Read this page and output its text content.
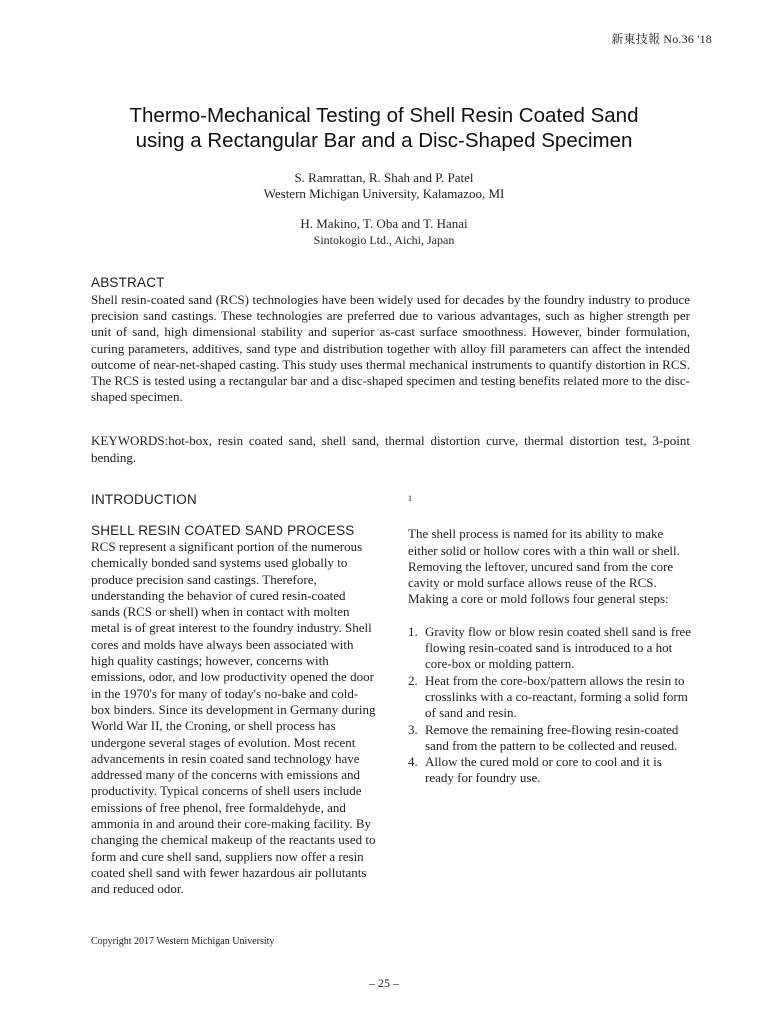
新東技報 No.36 '18
Thermo-Mechanical Testing of Shell Resin Coated Sand
using a Rectangular Bar and a Disc-Shaped Specimen
S. Ramrattan, R. Shah and P. Patel
Western Michigan University, Kalamazoo, MI
H. Makino, T. Oba and T. Hanai
Sintokogio Ltd., Aichi, Japan
ABSTRACT
Shell resin-coated sand (RCS) technologies have been widely used for decades by the foundry industry to produce precision sand castings. These technologies are preferred due to various advantages, such as higher strength per unit of sand, high dimensional stability and superior as-cast surface smoothness. However, binder formulation, curing parameters, additives, sand type and distribution together with alloy fill parameters can affect the intended outcome of near-net-shaped casting. This study uses thermal mechanical instruments to quantify distortion in RCS. The RCS is tested using a rectangular bar and a disc-shaped specimen and testing benefits related more to the disc-shaped specimen.
KEYWORDS:hot-box, resin coated sand, shell sand, thermal distortion curve, thermal distortion test, 3-point bending.
INTRODUCTION
SHELL RESIN COATED SAND PROCESS
RCS represent a significant portion of the numerous chemically bonded sand systems used globally to produce precision sand castings. Therefore, understanding the behavior of cured resin-coated sands (RCS or shell) when in contact with molten metal is of great interest to the foundry industry. Shell cores and molds have always been associated with high quality castings; however, concerns with emissions, odor, and low productivity opened the door in the 1970's for many of today's no-bake and cold-box binders. Since its development in Germany during World War II, the Croning, or shell process has undergone several stages of evolution. Most recent advancements in resin coated sand technology have addressed many of the concerns with emissions and productivity. Typical concerns of shell users include emissions of free phenol, free formaldehyde, and ammonia in and around their core-making facility. By changing the chemical makeup of the reactants used to form and cure shell sand, suppliers now offer a resin coated shell sand with fewer hazardous air pollutants and reduced odor.

$^1$

The shell process is named for its ability to make either solid or hollow cores with a thin wall or shell. Removing the leftover, uncured sand from the core cavity or mold surface allows reuse of the RCS. Making a core or mold follows four general steps:

1. Gravity flow or blow resin coated shell sand is free flowing resin-coated sand is introduced to a hot core-box or molding pattern.
2. Heat from the core-box/pattern allows the resin to crosslinks with a co-reactant, forming a solid form of sand and resin.
3. Remove the remaining free-flowing resin-coated sand from the pattern to be collected and reused.
4. Allow the cured mold or core to cool and it is ready for foundry use.
Copyright 2017 Western Michigan University
– 25 –
